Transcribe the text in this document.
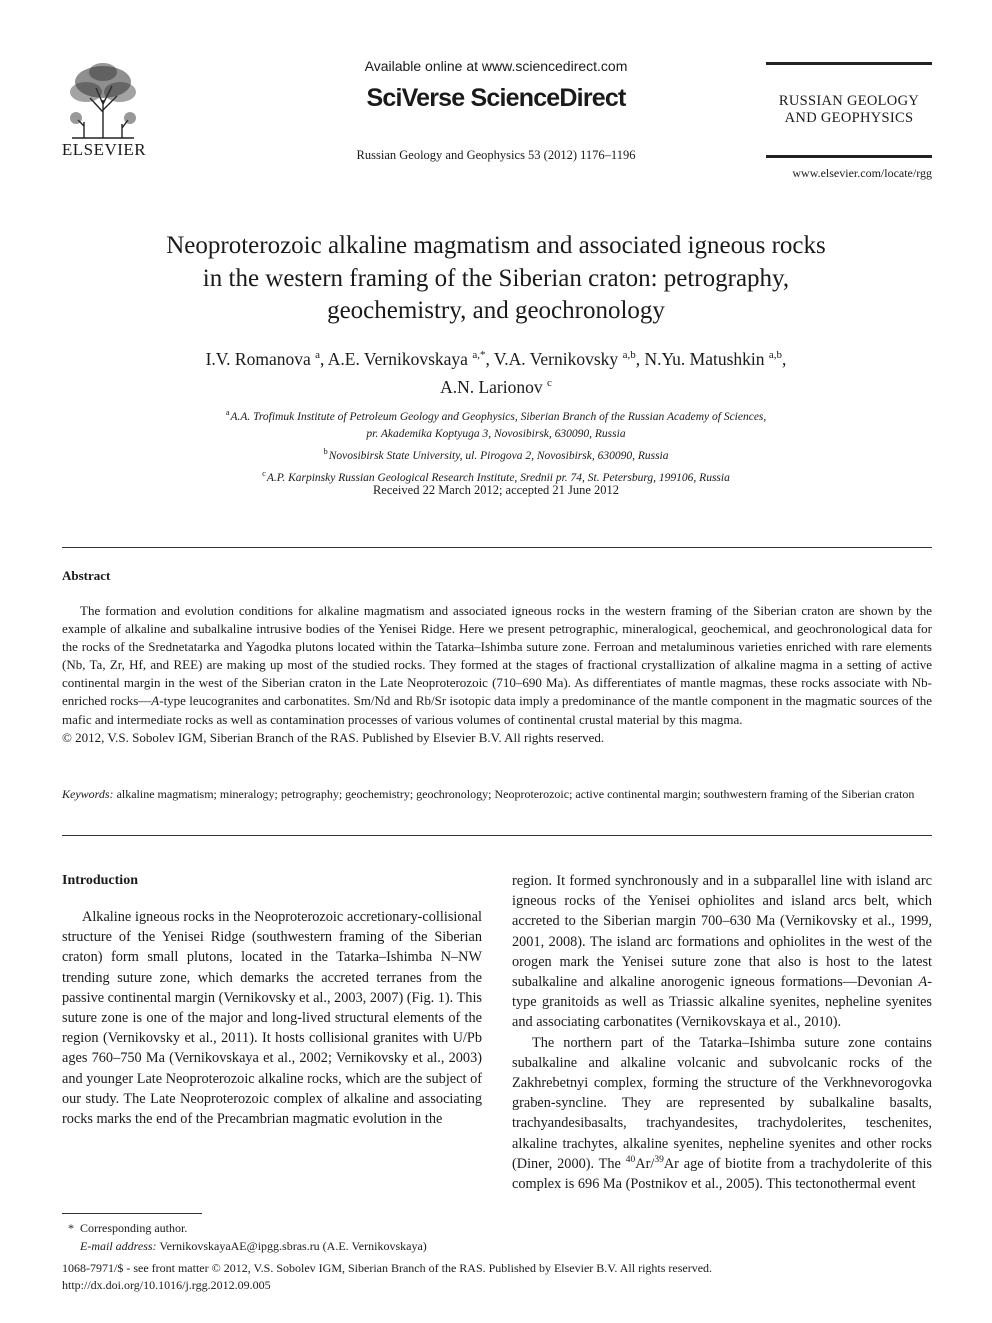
ELSEVIER
Available online at www.sciencedirect.com
SciVerse ScienceDirect
Russian Geology and Geophysics 53 (2012) 1176–1196
RUSSIAN GEOLOGY
AND GEOPHYSICS
www.elsevier.com/locate/rgg
Neoproterozoic alkaline magmatism and associated igneous rocks
in the western framing of the Siberian craton: petrography,
geochemistry, and geochronology
I.V. Romanova $^a$, A.E. Vernikovskaya $^{a,*}$, V.A. Vernikovsky $^{a,b}$, N.Yu. Matushkin $^{a,b}$,
A.N. Larionov $^c$
$^a$ A.A. Trofimuk Institute of Petroleum Geology and Geophysics, Siberian Branch of the Russian Academy of Sciences,
pr. Akademika Koptyuga 3, Novosibirsk, 630090, Russia
$^b$ Novosibirsk State University, ul. Pirogova 2, Novosibirsk, 630090, Russia
$^c$ A.P. Karpinsky Russian Geological Research Institute, Srednii pr. 74, St. Petersburg, 199106, Russia
Received 22 March 2012; accepted 21 June 2012
Abstract

The formation and evolution conditions for alkaline magmatism and associated igneous rocks in the western framing of the Siberian craton are shown by the example of alkaline and subalkaline intrusive bodies of the Yenisei Ridge. Here we present petrographic, mineralogical, geochemical, and geochronological data for the rocks of the Srednetatarka and Yagodka plutons located within the Tatarka–Ishimba suture zone. Ferroan and metaluminous varieties enriched with rare elements (Nb, Ta, Zr, Hf, and REE) are making up most of the studied rocks. They formed at the stages of fractional crystallization of alkaline magma in a setting of active continental margin in the west of the Siberian craton in the Late Neoproterozoic (710–690 Ma). As differentiates of mantle magmas, these rocks associate with Nb-enriched rocks—A-type leucogranites and carbonatites. Sm/Nd and Rb/Sr isotopic data imply a predominance of the mantle component in the magmatic sources of the mafic and intermediate rocks as well as contamination processes of various volumes of continental crustal material by this magma.

© 2012, V.S. Sobolev IGM, Siberian Branch of the RAS. Published by Elsevier B.V. All rights reserved.

Keywords: alkaline magmatism; mineralogy; petrography; geochemistry; geochronology; Neoproterozoic; active continental margin; southwestern framing of the Siberian craton
Introduction
Alkaline igneous rocks in the Neoproterozoic accretionary-collisional structure of the Yenisei Ridge (southwestern framing of the Siberian craton) form small plutons, located in the Tatarka–Ishimba N–NW trending suture zone, which demarks the accreted terranes from the passive continental margin (Vernikovsky et al., 2003, 2007) (Fig. 1). This suture zone is one of the major and long-lived structural elements of the region (Vernikovsky et al., 2011). It hosts collisional granites with U/Pb ages 760–750 Ma (Vernikovskaya et al., 2002; Vernikovsky et al., 2003) and younger Late Neoproterozoic alkaline rocks, which are the subject of our study. The Late Neoproterozoic complex of alkaline and associating rocks marks the end of the Precambrian magmatic evolution in the

region. It formed synchronously and in a subparallel line with island arc igneous rocks of the Yenisei ophiolites and island arcs belt, which accreted to the Siberian margin 700–630 Ma (Vernikovsky et al., 1999, 2001, 2008). The island arc formations and ophiolites in the west of the orogen mark the Yenisei suture zone that also is host to the latest subalkaline and alkaline anorogenic igneous formations—Devonian A-type granitoids as well as Triassic alkaline syenites, nepheline syenites and associating carbonatites (Vernikovskaya et al., 2010).

The northern part of the Tatarka–Ishimba suture zone contains subalkaline and alkaline volcanic and subvolcanic rocks of the Zakhrebetnyi complex, forming the structure of the Verkhnevorogovka graben-syncline. They are represented by subalkaline basalts, trachyandesibasalts, trachyandesites, trachydolerites, teschenites, alkaline trachytes, alkaline syenites, nepheline syenites and other rocks (Diner, 2000). The $^{40}$Ar/$^{39}$Ar age of biotite from a trachydolerite of this complex is 696 Ma (Postnikov et al., 2005). This tectonothermal event

* Corresponding author.
E-mail address: VernikovskayaAE@ipgg.sbras.ru (A.E. Vernikovskaya)
1068-7971/$ - see front matter © 2012, V.S. Sobolev IGM, Siberian Branch of the RAS. Published by Elsevier B.V. All rights reserved.
http://dx.doi.org/10.1016/j.rgg.2012.09.005
